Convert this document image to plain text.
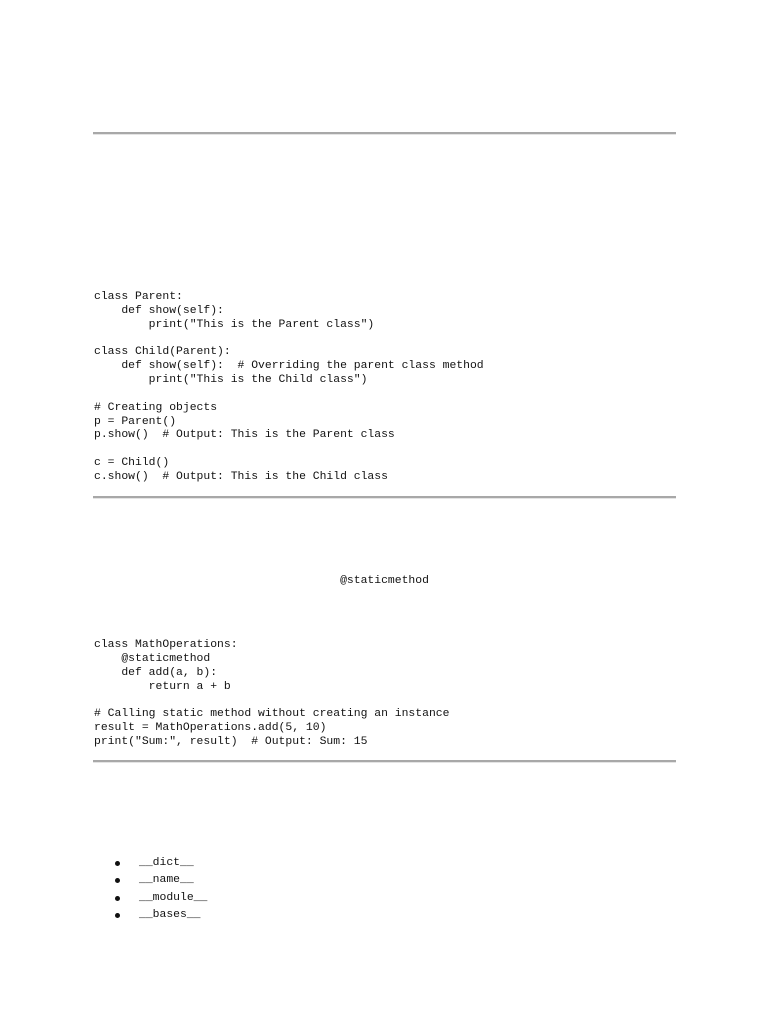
class Parent:
def show(self):
print("This is the Parent class")

class Child(Parent):
def show(self):  # Overriding the parent class method
print("This is the Child class")

# Creating objects
p = Parent()
p.show()  # Output: This is the Parent class

c = Child()
c.show()  # Output: This is the Child class
@staticmethod
class MathOperations:
@staticmethod
def add(a, b):
return a + b

# Calling static method without creating an instance
result = MathOperations.add(5, 10)
print("Sum:", result)  # Output: Sum: 15
__dict__
__name__
__module__
__bases__
